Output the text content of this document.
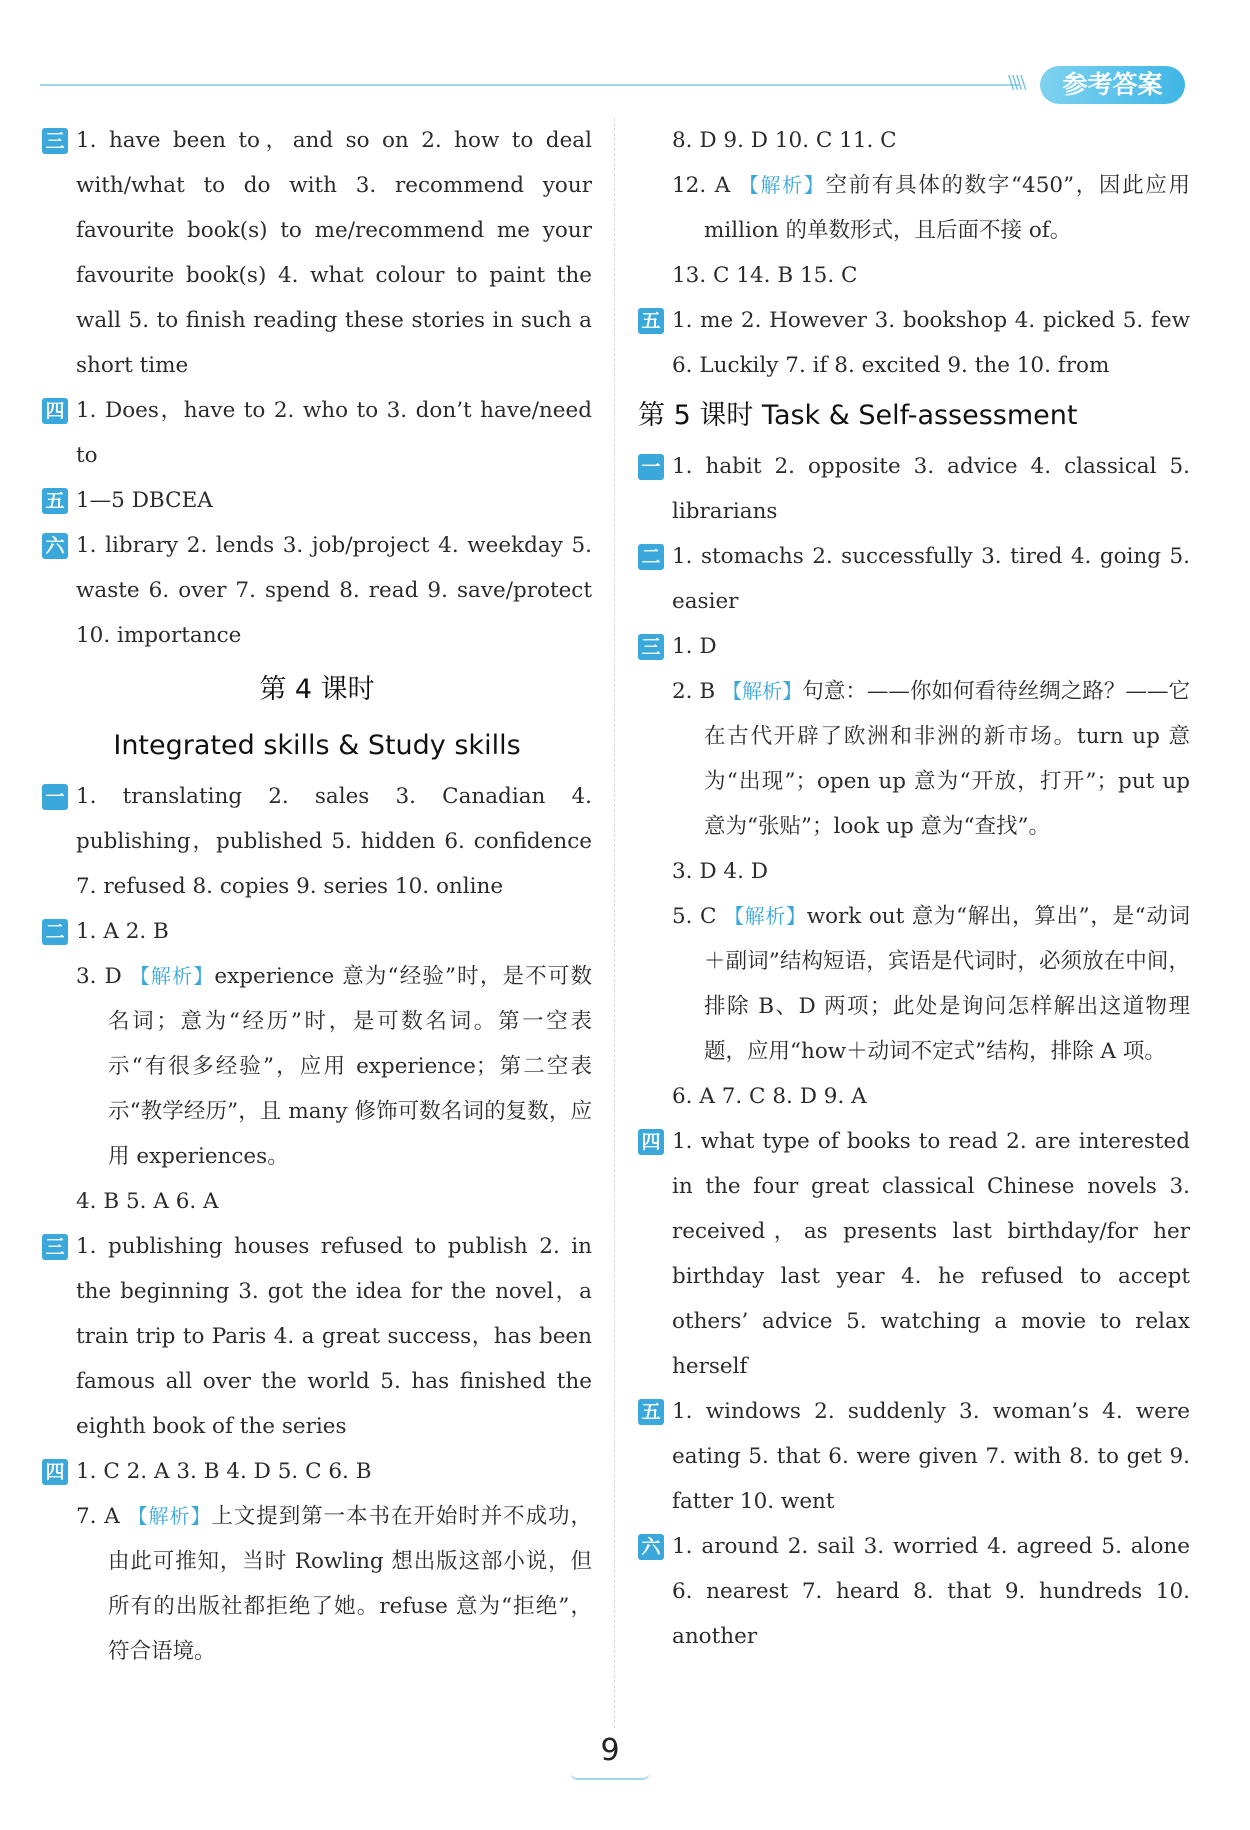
\\\\	参考答案
三 1. have been to，and so on 2. how to deal with/what to do with 3. recommend your favourite book(s) to me/recommend me your favourite book(s) 4. what colour to paint the wall 5. to finish reading these stories in such a short time
四 1. Does，have to 2. who to 3. don’t have/need to
五 1—5 DBCEA
六 1. library 2. lends 3. job/project 4. weekday 5. waste 6. over 7. spend 8. read 9. save/protect 10. importance
第 4 课时
Integrated skills & Study skills
一 1. translating 2. sales 3. Canadian 4. publishing，published 5. hidden 6. confidence 7. refused 8. copies 9. series 10. online
二 1. A 2. B
3. D 【解析】experience 意为“经验”时，是不可数名词；意为“经历”时，是可数名词。第一空表示“有很多经验”，应用 experience；第二空表示“教学经历”，且 many 修饰可数名词的复数，应用 experiences。
4. B 5. A 6. A
三 1. publishing houses refused to publish 2. in the beginning 3. got the idea for the novel，a train trip to Paris 4. a great success，has been famous all over the world 5. has finished the eighth book of the series
四 1. C 2. A 3. B 4. D 5. C 6. B
7. A 【解析】上文提到第一本书在开始时并不成功，由此可推知，当时 Rowling 想出版这部小说，但所有的出版社都拒绝了她。refuse 意为“拒绝”，符合语境。
8. D 9. D 10. C 11. C
12. A 【解析】空前有具体的数字“450”，因此应用 million 的单数形式，且后面不接 of。
13. C 14. B 15. C
五 1. me 2. However 3. bookshop 4. picked 5. few 6. Luckily 7. if 8. excited 9. the 10. from
第 5 课时 Task & Self-assessment
一 1. habit 2. opposite 3. advice 4. classical 5. librarians
二 1. stomachs 2. successfully 3. tired 4. going 5. easier
三 1. D
2. B 【解析】句意：——你如何看待丝绸之路？——它在古代开辟了欧洲和非洲的新市场。turn up 意为“出现”；open up 意为“开放，打开”；put up 意为“张贴”；look up 意为“查找”。
3. D 4. D
5. C 【解析】work out 意为“解出，算出”，是“动词＋副词”结构短语，宾语是代词时，必须放在中间，排除 B、D 两项；此处是询问怎样解出这道物理题，应用“how＋动词不定式”结构，排除 A 项。
6. A 7. C 8. D 9. A
四 1. what type of books to read 2. are interested in the four great classical Chinese novels 3. received，as presents last birthday/for her birthday last year 4. he refused to accept others’ advice 5. watching a movie to relax herself
五 1. windows 2. suddenly 3. woman’s 4. were eating 5. that 6. were given 7. with 8. to get 9. fatter 10. went
六 1. around 2. sail 3. worried 4. agreed 5. alone 6. nearest 7. heard 8. that 9. hundreds 10. another
9
